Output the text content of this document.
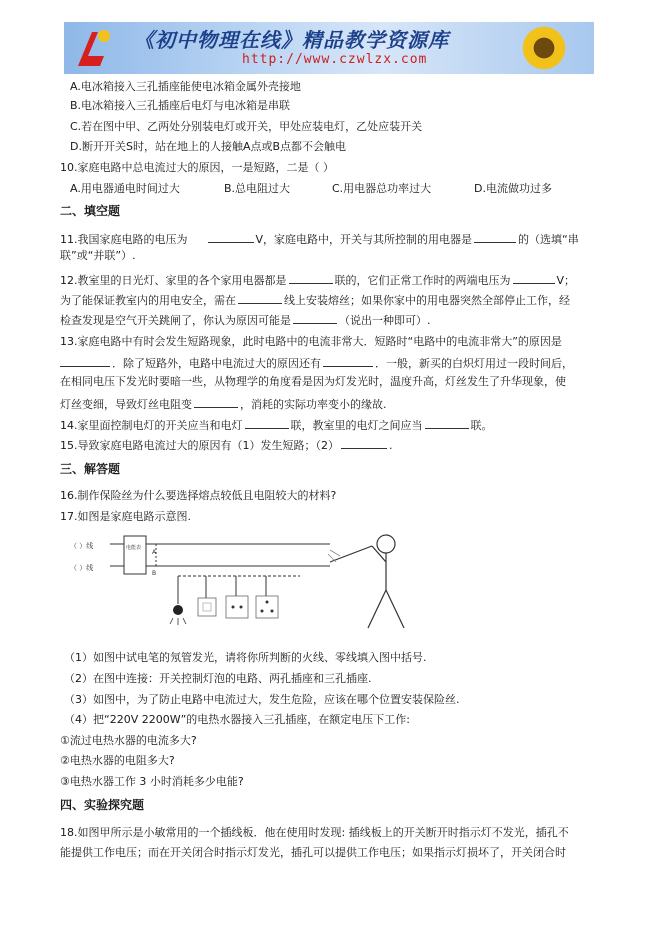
《初中物理在线》精品教学资源库
http://www.czwlzx.com
A.电冰箱接入三孔插座能使电冰箱金属外壳接地
B.电冰箱接入三孔插座后电灯与电冰箱是串联
C.若在图中甲、乙两处分别装电灯或开关，甲处应装电灯，乙处应装开关
D.断开开关S时，站在地上的人接触A点或B点都不会触电
10.家庭电路中总电流过大的原因，一是短路，二是（ ）
A.用电器通电时间过大	B.总电阻过大	C.用电器总功率过大	D.电流做功过多
二、填空题
11.我国家庭电路的电压为	V，家庭电路中，开关与其所控制的用电器是	的（选填“串
联”或“并联”）.
12.教室里的日光灯、家里的各个家用电器都是	联的，它们正常工作时的两端电压为	V；
为了能保证教室内的用电安全，需在	线上安装熔丝；如果你家中的用电器突然全部停止工作，经
检查发现是空气开关跳闸了，你认为原因可能是	（说出一种即可）.
13.家庭电路中有时会发生短路现象，此时电路中的电流非常大．短路时“电路中的电流非常大”的原因是
．除了短路外，电路中电流过大的原因还有	．一般，新买的白炽灯用过一段时间后，
在相同电压下发光时要暗一些，从物理学的角度看是因为灯发光时，温度升高，灯丝发生了升华现象，使
灯丝变细，导致灯丝电阻变	，消耗的实际功率变小的缘故.
14.家里面控制电灯的开关应当和电灯	联，教室里的电灯之间应当	联。
15.导致家庭电路电流过大的原因有（1）发生短路；（2）	.
三、解答题
16.制作保险丝为什么要选择熔点较低且电阻较大的材料?
17.如图是家庭电路示意图.
（ ）线
（ ）线
电能表
A
B
（1）如图中试电笔的氖管发光，请将你所判断的火线、零线填入图中括号.
（2）在图中连接：开关控制灯泡的电路、两孔插座和三孔插座.
（3）如图中，为了防止电路中电流过大，发生危险，应该在哪个位置安装保险丝.
（4）把“220V 2200W”的电热水器接入三孔插座，在额定电压下工作:
①流过电热水器的电流多大?
②电热水器的电阻多大?
③电热水器工作 3 小时消耗多少电能?
四、实验探究题
18.如图甲所示是小敏常用的一个插线板．他在使用时发现: 插线板上的开关断开时指示灯不发光，插孔不
能提供工作电压；而在开关闭合时指示灯发光，插孔可以提供工作电压；如果指示灯损坏了，开关闭合时
